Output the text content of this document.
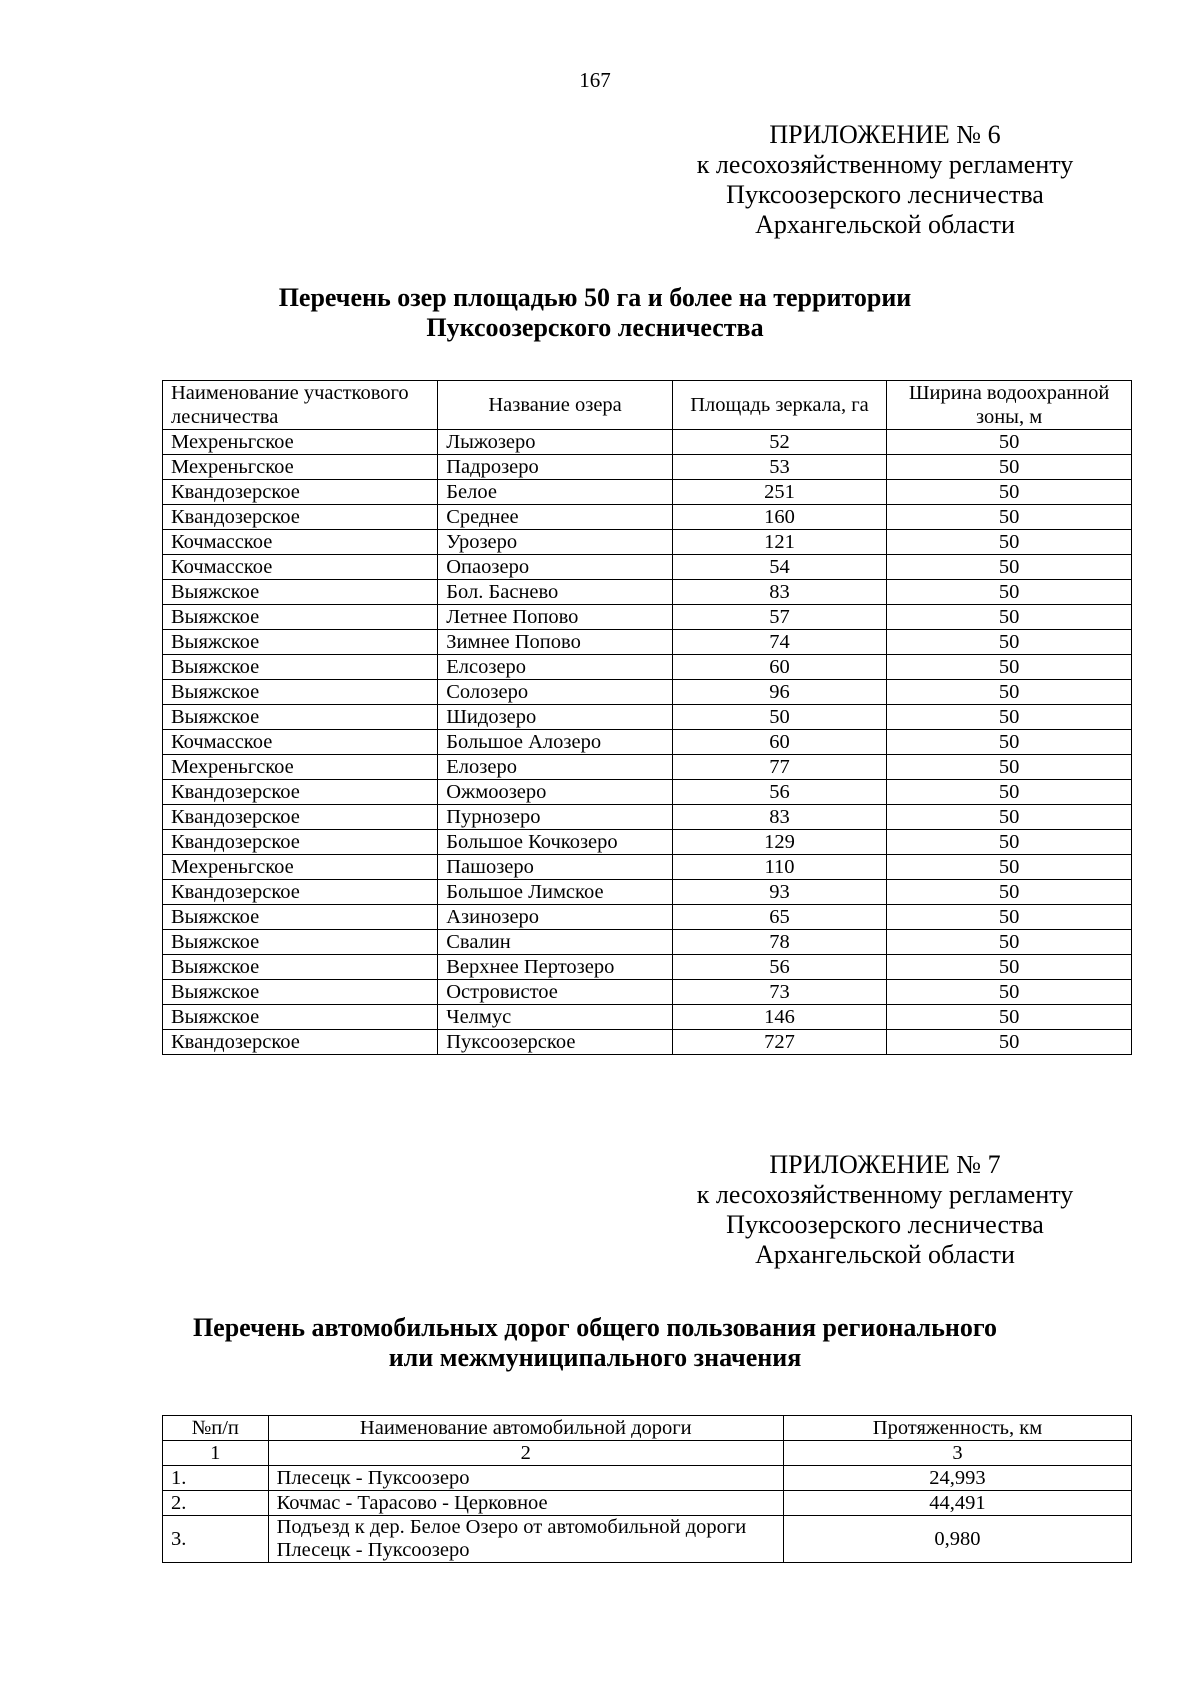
167
ПРИЛОЖЕНИЕ № 6
к лесохозяйственному регламенту
Пуксоозерского лесничества
Архангельской области
Перечень озер площадью 50 га и более на территории
Пуксоозерского лесничества
Наименование участкового лесничества	Название озера	Площадь зеркала, га	Ширина водоохранной зоны, м
Мехреньгское	Лыжозеро	52	50
Мехреньгское	Падрозеро	53	50
Квандозерское	Белое	251	50
Квандозерское	Среднее	160	50
Кочмасское	Урозеро	121	50
Кочмасское	Опаозеро	54	50
Выяжское	Бол. Баснево	83	50
Выяжское	Летнее Попово	57	50
Выяжское	Зимнее Попово	74	50
Выяжское	Елсозеро	60	50
Выяжское	Солозеро	96	50
Выяжское	Шидозеро	50	50
Кочмасское	Большое Алозеро	60	50
Мехреньгское	Елозеро	77	50
Квандозерское	Ожмоозеро	56	50
Квандозерское	Пурнозеро	83	50
Квандозерское	Большое Кочкозеро	129	50
Мехреньгское	Пашозеро	110	50
Квандозерское	Большое Лимское	93	50
Выяжское	Азинозеро	65	50
Выяжское	Свалин	78	50
Выяжское	Верхнее Пертозеро	56	50
Выяжское	Островистое	73	50
Выяжское	Челмус	146	50
Квандозерское	Пуксоозерское	727	50
ПРИЛОЖЕНИЕ № 7
к лесохозяйственному регламенту
Пуксоозерского лесничества
Архангельской области
Перечень автомобильных дорог общего пользования регионального
или межмуниципального значения
№п/п	Наименование автомобильной дороги	Протяженность, км
1	2	3
1.	Плесецк - Пуксоозеро	24,993
2.	Кочмас - Тарасово - Церковное	44,491
3.	Подъезд к дер. Белое Озеро от автомобильной дороги Плесецк - Пуксоозеро	0,980
